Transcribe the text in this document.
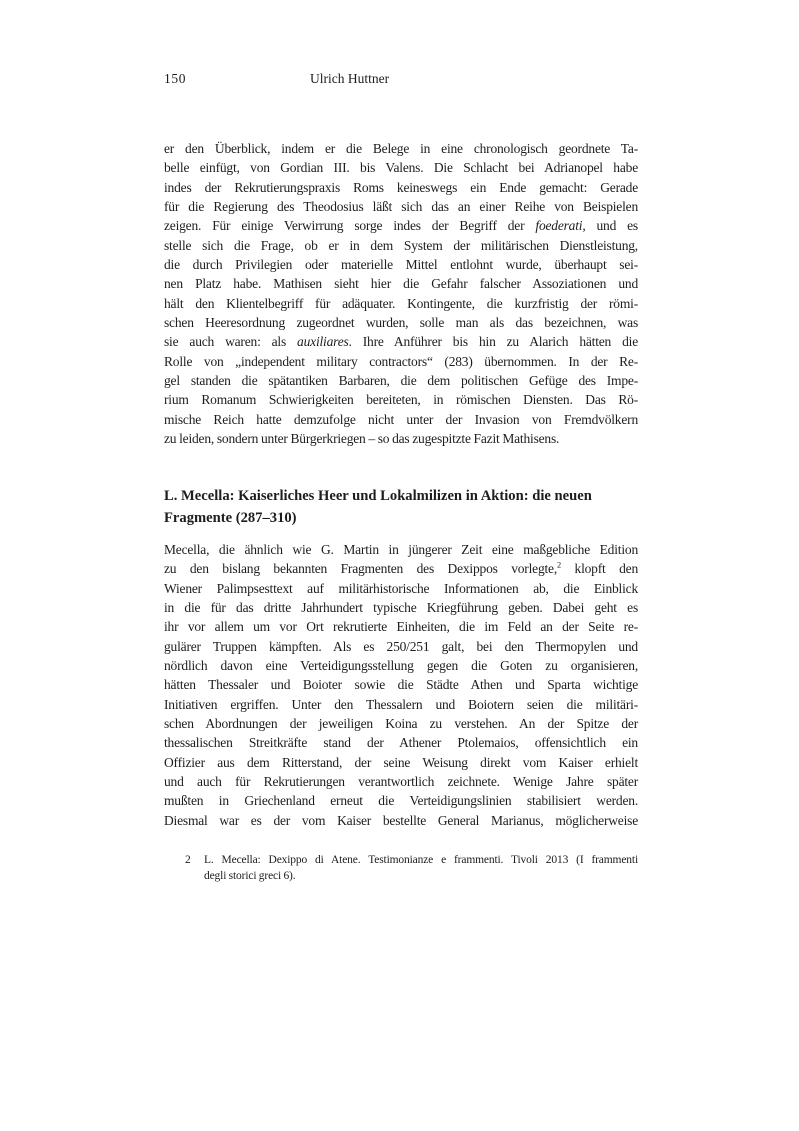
150	Ulrich Huttner
er den Überblick, indem er die Belege in eine chronologisch geordnete Ta-
belle einfügt, von Gordian III. bis Valens. Die Schlacht bei Adrianopel habe
indes der Rekrutierungspraxis Roms keineswegs ein Ende gemacht: Gerade
für die Regierung des Theodosius läßt sich das an einer Reihe von Beispielen
zeigen. Für einige Verwirrung sorge indes der Begriff der foederati, und es
stelle sich die Frage, ob er in dem System der militärischen Dienstleistung,
die durch Privilegien oder materielle Mittel entlohnt wurde, überhaupt sei-
nen Platz habe. Mathisen sieht hier die Gefahr falscher Assoziationen und
hält den Klientelbegriff für adäquater. Kontingente, die kurzfristig der römi-
schen Heeresordnung zugeordnet wurden, solle man als das bezeichnen, was
sie auch waren: als auxiliares. Ihre Anführer bis hin zu Alarich hätten die
Rolle von „independent military contractors“ (283) übernommen. In der Re-
gel standen die spätantiken Barbaren, die dem politischen Gefüge des Impe-
rium Romanum Schwierigkeiten bereiteten, in römischen Diensten. Das Rö-
mische Reich hatte demzufolge nicht unter der Invasion von Fremdvölkern
zu leiden, sondern unter Bürgerkriegen – so das zugespitzte Fazit Mathisens.
L. Mecella: Kaiserliches Heer und Lokalmilizen in Aktion: die neuen
Fragmente (287–310)
Mecella, die ähnlich wie G. Martin in jüngerer Zeit eine maßgebliche Edition
zu den bislang bekannten Fragmenten des Dexippos vorlegte,$^2$ klopft den
Wiener Palimpsesttext auf militärhistorische Informationen ab, die Einblick
in die für das dritte Jahrhundert typische Kriegführung geben. Dabei geht es
ihr vor allem um vor Ort rekrutierte Einheiten, die im Feld an der Seite re-
gulärer Truppen kämpften. Als es 250/251 galt, bei den Thermopylen und
nördlich davon eine Verteidigungsstellung gegen die Goten zu organisieren,
hätten Thessaler und Boioter sowie die Städte Athen und Sparta wichtige
Initiativen ergriffen. Unter den Thessalern und Boiotern seien die militäri-
schen Abordnungen der jeweiligen Koina zu verstehen. An der Spitze der
thessalischen Streitkräfte stand der Athener Ptolemaios, offensichtlich ein
Offizier aus dem Ritterstand, der seine Weisung direkt vom Kaiser erhielt
und auch für Rekrutierungen verantwortlich zeichnete. Wenige Jahre später
mußten in Griechenland erneut die Verteidigungslinien stabilisiert werden.
Diesmal war es der vom Kaiser bestellte General Marianus, möglicherweise
2 L. Mecella: Dexippo di Atene. Testimonianze e frammenti. Tivoli 2013 (I frammenti
degli storici greci 6).
